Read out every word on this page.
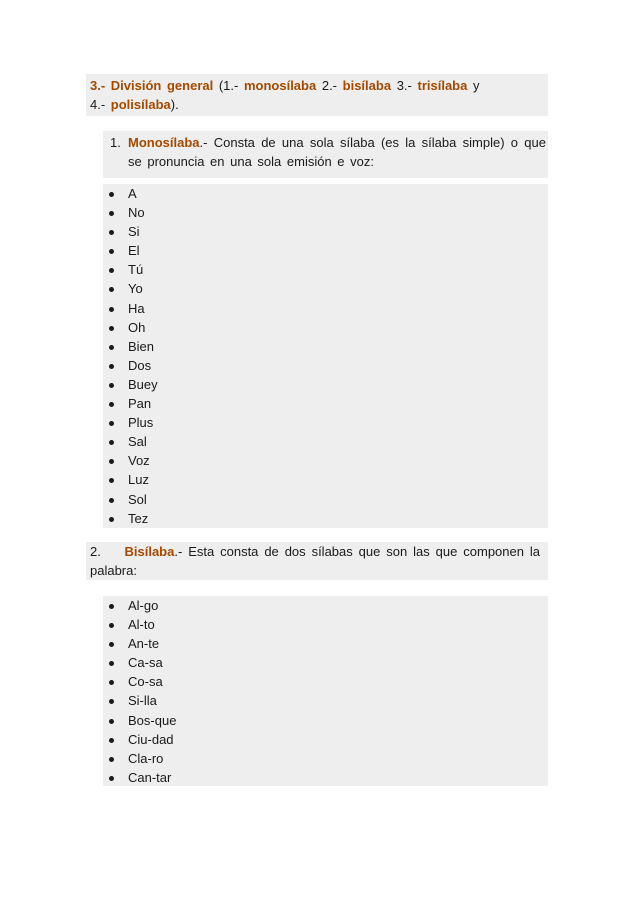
3.- División general (1.- monosílaba 2.- bisílaba 3.- trisílaba y
4.- polisílaba).
1. Monosílaba.- Consta de una sola sílaba (es la sílaba simple) o que
se pronuncia en una sola emisión e voz:
A
No
Si
El
Tú
Yo
Ha
Oh
Bien
Dos
Buey
Pan
Plus
Sal
Voz
Luz
Sol
Tez
2. Bisílaba.- Esta consta de dos sílabas que son las que componen la
palabra:
Al-go
Al-to
An-te
Ca-sa
Co-sa
Si-lla
Bos-que
Ciu-dad
Cla-ro
Can-tar
